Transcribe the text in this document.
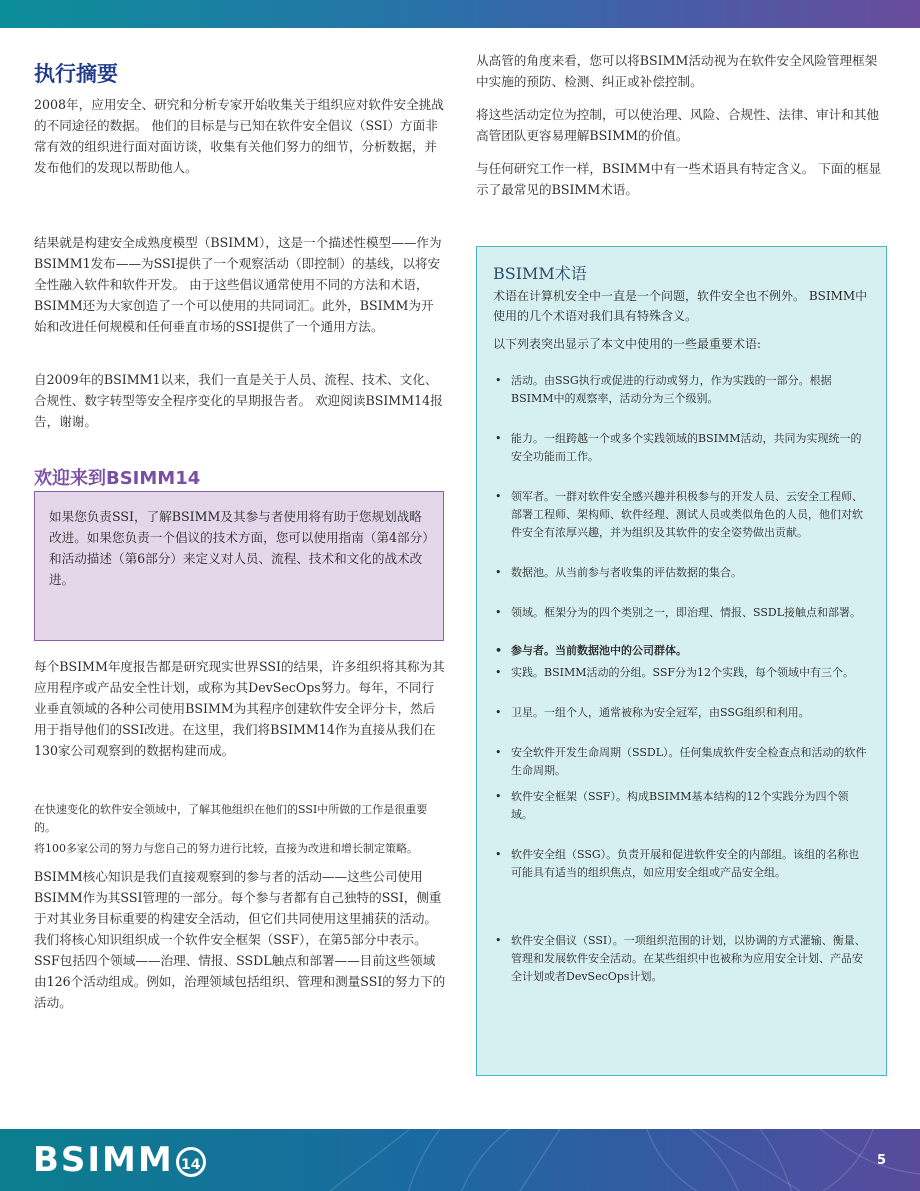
执行摘要

2008年，应用安全、研究和分析专家开始收集关于组织应对软件安全挑战的不同途径的数据。 他们的目标是与已知在软件安全倡议（SSI）方面非常有效的组织进行面对面访谈，收集有关他们努力的细节，分析数据，并发布他们的发现以帮助他人。

结果就是构建安全成熟度模型（BSIMM），这是一个描述性模型——作为BSIMM1发布——为SSI提供了一个观察活动（即控制）的基线，以将安全性融入软件和软件开发。 由于这些倡议通常使用不同的方法和术语，BSIMM还为大家创造了一个可以使用的共同词汇。此外，BSIMM为开始和改进任何规模和任何垂直市场的SSI提供了一个通用方法。

自2009年的BSIMM1以来，我们一直是关于人员、流程、技术、文化、合规性、数字转型等安全程序变化的早期报告者。 欢迎阅读BSIMM14报告，谢谢。

欢迎来到BSIMM14

如果您负责SSI，了解BSIMM及其参与者使用将有助于您规划战略改进。如果您负责一个倡议的技术方面，您可以使用指南（第4部分）和活动描述（第6部分）来定义对人员、流程、技术和文化的战术改进。

每个BSIMM年度报告都是研究现实世界SSI的结果，许多组织将其称为其应用程序或产品安全性计划，或称为其DevSecOps努力。每年，不同行业垂直领域的各种公司使用BSIMM为其程序创建软件安全评分卡，然后用于指导他们的SSI改进。在这里，我们将BSIMM14作为直接从我们在130家公司观察到的数据构建而成。

在快速变化的软件安全领域中，了解其他组织在他们的SSI中所做的工作是很重要的。

将100多家公司的努力与您自己的努力进行比较，直接为改进和增长制定策略。

BSIMM核心知识是我们直接观察到的参与者的活动——这些公司使用BSIMM作为其SSI管理的一部分。每个参与者都有自己独特的SSI，侧重于对其业务目标重要的构建安全活动，但它们共同使用这里捕获的活动。我们将核心知识组织成一个软件安全框架（SSF），在第5部分中表示。 SSF包括四个领域——治理、情报、SSDL触点和部署——目前这些领域由126个活动组成。例如，治理领域包括组织、管理和测量SSI的努力下的活动。

从高管的角度来看，您可以将BSIMM活动视为在软件安全风险管理框架中实施的预防、检测、纠正或补偿控制。

将这些活动定位为控制，可以使治理、风险、合规性、法律、审计和其他高管团队更容易理解BSIMM的价值。

与任何研究工作一样，BSIMM中有一些术语具有特定含义。 下面的框显示了最常见的BSIMM术语。

BSIMM术语

术语在计算机安全中一直是一个问题，软件安全也不例外。 BSIMM中使用的几个术语对我们具有特殊含义。

以下列表突出显示了本文中使用的一些最重要术语:

• 活动。由SSG执行或促进的行动或努力，作为实践的一部分。根据BSIMM中的观察率，活动分为三个级别。
• 能力。一组跨越一个或多个实践领域的BSIMM活动，共同为实现统一的安全功能而工作。
• 领军者。一群对软件安全感兴趣并积极参与的开发人员、云安全工程师、部署工程师、架构师、软件经理、测试人员或类似角色的人员，他们对软件安全有浓厚兴趣，并为组织及其软件的安全姿势做出贡献。
• 数据池。从当前参与者收集的评估数据的集合。
• 领域。框架分为的四个类别之一，即治理、情报、SSDL接触点和部署。
• 参与者。当前数据池中的公司群体。
• 实践。BSIMM活动的分组。SSF分为12个实践，每个领域中有三个。
• 卫星。一组个人，通常被称为安全冠军，由SSG组织和利用。
• 安全软件开发生命周期（SSDL）。任何集成软件安全检查点和活动的软件生命周期。
• 软件安全框架（SSF）。构成BSIMM基本结构的12个实践分为四个领域。
• 软件安全组（SSG）。负责开展和促进软件安全的内部组。该组的名称也可能具有适当的组织焦点，如应用安全组或产品安全组。
• 软件安全倡议（SSI）。一项组织范围的计划，以协调的方式灌输、衡量、管理和发展软件安全活动。在某些组织中也被称为应用安全计划、产品安全计划或者DevSecOps计划。
BSIMM 14	5
